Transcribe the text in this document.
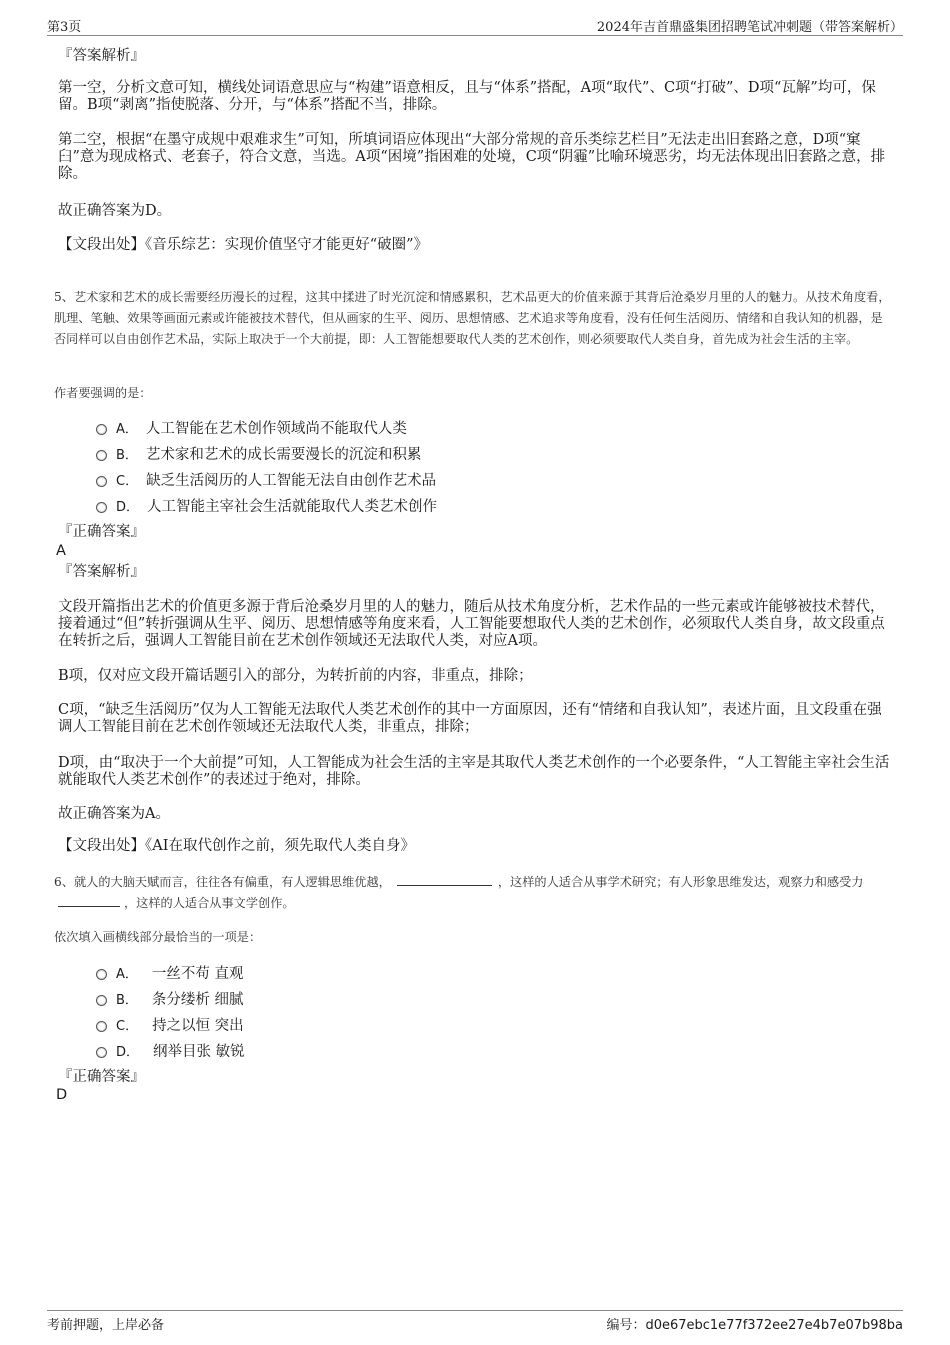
第3页	2024年吉首鼎盛集团招聘笔试冲刺题（带答案解析）
『答案解析』

第一空，分析文意可知，横线处词语意思应与“构建”语意相反，且与“体系”搭配，A项“取代”、C项“打破”、D项“瓦解”均可，保留。B项“剥离”指使脱落、分开，与“体系”搭配不当，排除。

第二空，根据“在墨守成规中艰难求生”可知，所填词语应体现出“大部分常规的音乐类综艺栏目”无法走出旧套路之意，D项“窠臼”意为现成格式、老套子，符合文意，当选。A项“困境”指困难的处境，C项“阴霾”比喻环境恶劣，均无法体现出旧套路之意，排除。

故正确答案为D。

【文段出处】《音乐综艺：实现价值坚守才能更好“破圈”》

5、艺术家和艺术的成长需要经历漫长的过程，这其中揉进了时光沉淀和情感累积，艺术品更大的价值来源于其背后沧桑岁月里的人的魅力。从技术角度看，肌理、笔触、效果等画面元素或许能被技术替代，但从画家的生平、阅历、思想情感、艺术追求等角度看，没有任何生活阅历、情绪和自我认知的机器，是否同样可以自由创作艺术品，实际上取决于一个大前提，即：人工智能想要取代人类的艺术创作，则必须要取代人类自身，首先成为社会生活的主宰。

作者要强调的是：

A． 人工智能在艺术创作领域尚不能取代人类
B． 艺术家和艺术的成长需要漫长的沉淀和积累
C． 缺乏生活阅历的人工智能无法自由创作艺术品
D． 人工智能主宰社会生活就能取代人类艺术创作
『正确答案』
A
『答案解析』

文段开篇指出艺术的价值更多源于背后沧桑岁月里的人的魅力，随后从技术角度分析，艺术作品的一些元素或许能够被技术替代，接着通过“但”转折强调从生平、阅历、思想情感等角度来看，人工智能要想取代人类的艺术创作，必须取代人类自身，故文段重点在转折之后，强调人工智能目前在艺术创作领域还无法取代人类，对应A项。

B项，仅对应文段开篇话题引入的部分，为转折前的内容，非重点，排除；

C项，“缺乏生活阅历”仅为人工智能无法取代人类艺术创作的其中一方面原因，还有“情绪和自我认知”，表述片面，且文段重在强调人工智能目前在艺术创作领域还无法取代人类，非重点，排除；

D项，由“取决于一个大前提”可知，人工智能成为社会生活的主宰是其取代人类艺术创作的一个必要条件，“人工智能主宰社会生活就能取代人类艺术创作”的表述过于绝对，排除。

故正确答案为A。

【文段出处】《AI在取代创作之前，须先取代人类自身》

6、就人的大脑天赋而言，往往各有偏重，有人逻辑思维优越，	，这样的人适合从事学术研究；有人形象思维发达，观察力和感受力，这样的人适合从事文学创作。

依次填入画横线部分最恰当的一项是：

A． 一丝不苟 直观
B． 条分缕析 细腻
C． 持之以恒 突出
D． 纲举目张 敏锐
『正确答案』
D
考前押题，上岸必备	编号：d0e67ebc1e77f372ee27e4b7e07b98ba
